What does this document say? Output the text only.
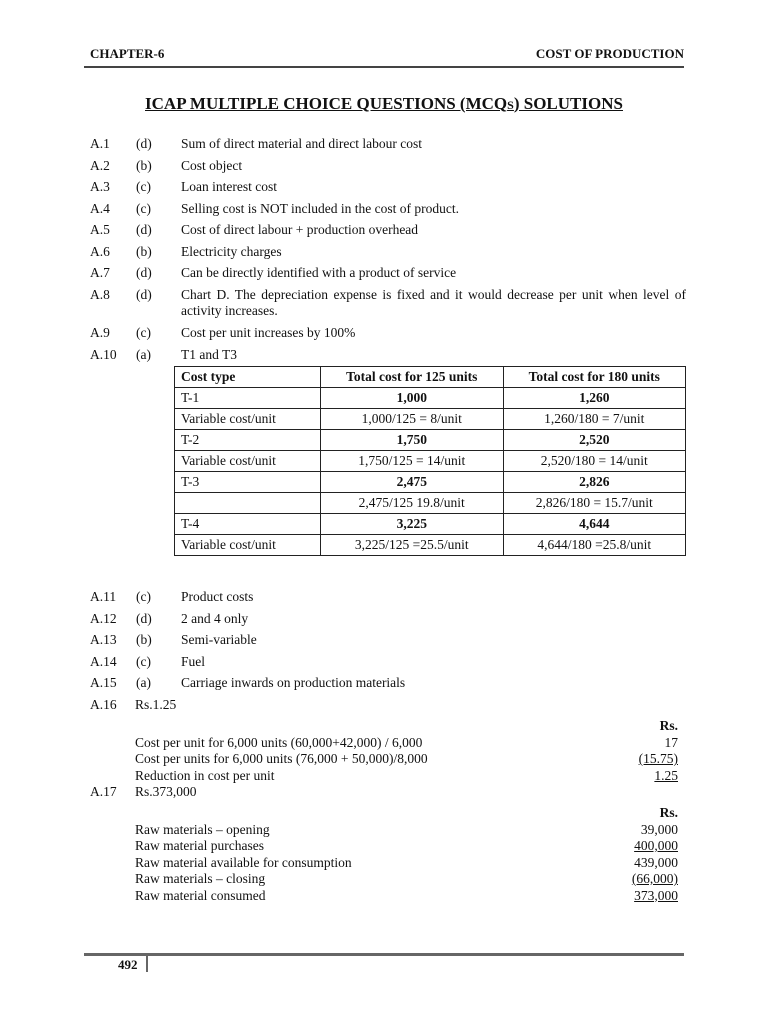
CHAPTER-6	COST OF PRODUCTION
ICAP MULTIPLE CHOICE QUESTIONS (MCQS) SOLUTIONS
A.1 (d) Sum of direct material and direct labour cost
A.2 (b) Cost object
A.3 (c) Loan interest cost
A.4 (c) Selling cost is NOT included in the cost of product.
A.5 (d) Cost of direct labour + production overhead
A.6 (b) Electricity charges
A.7 (d) Can be directly identified with a product of service
A.8 (d) Chart D. The depreciation expense is fixed and it would decrease per unit when level of activity increases.
A.9 (c) Cost per unit increases by 100%
A.10 (a) T1 and T3
Cost type	Total cost for 125 units	Total cost for 180 units
T-1	1,000	1,260
Variable cost/unit	1,000/125 = 8/unit	1,260/180 = 7/unit
T-2	1,750	2,520
Variable cost/unit	1,750/125 = 14/unit	2,520/180 = 14/unit
T-3	2,475	2,826
	2,475/125 19.8/unit	2,826/180 = 15.7/unit
T-4	3,225	4,644
Variable cost/unit	3,225/125 =25.5/unit	4,644/180 =25.8/unit
A.11 (c) Product costs
A.12 (d) 2 and 4 only
A.13 (b) Semi-variable
A.14 (c) Fuel
A.15 (a) Carriage inwards on production materials
A.16 Rs.1.25
Rs.
Cost per unit for 6,000 units (60,000+42,000) / 6,000	17
Cost per units for 6,000 units (76,000 + 50,000)/8,000	(15.75)
Reduction in cost per unit	1.25
A.17 Rs.373,000
Rs.
Raw materials – opening	39,000
Raw material purchases	400,000
Raw material available for consumption	439,000
Raw materials – closing	(66,000)
Raw material consumed	373,000
492
